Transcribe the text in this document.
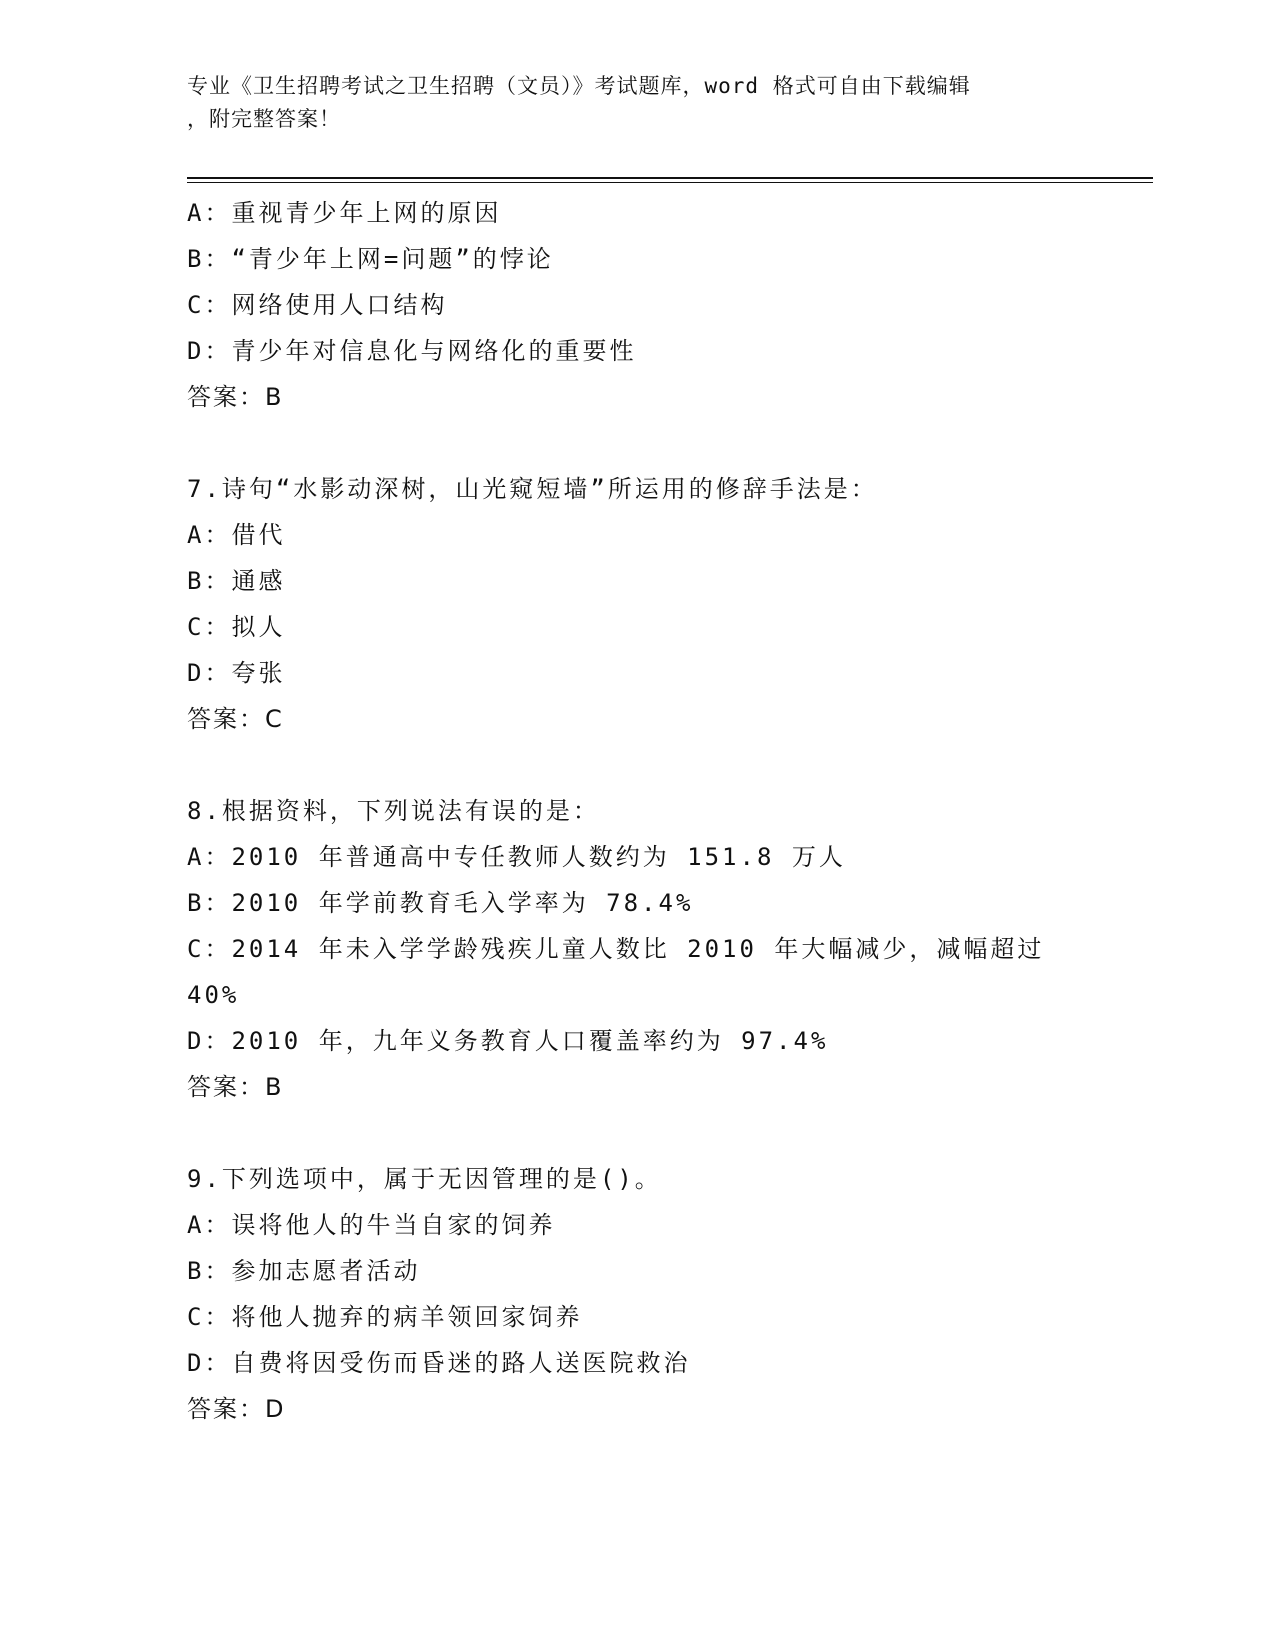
专业《卫生招聘考试之卫生招聘（文员）》考试题库，word 格式可自由下载编辑
，附完整答案！
A：重视青少年上网的原因
B：“青少年上网=问题”的悖论
C：网络使用人口结构
D：青少年对信息化与网络化的重要性
答案：B
7.诗句“水影动深树，山光窥短墙”所运用的修辞手法是：
A：借代
B：通感
C：拟人
D：夸张
答案：C
8.根据资料，下列说法有误的是：
A：2010 年普通高中专任教师人数约为 151.8 万人
B：2010 年学前教育毛入学率为 78.4%
C：2014 年未入学学龄残疾儿童人数比 2010 年大幅减少，减幅超过
40%
D：2010 年，九年义务教育人口覆盖率约为 97.4%
答案：B
9.下列选项中，属于无因管理的是()。
A：误将他人的牛当自家的饲养
B：参加志愿者活动
C：将他人抛弃的病羊领回家饲养
D：自费将因受伤而昏迷的路人送医院救治
答案：D
